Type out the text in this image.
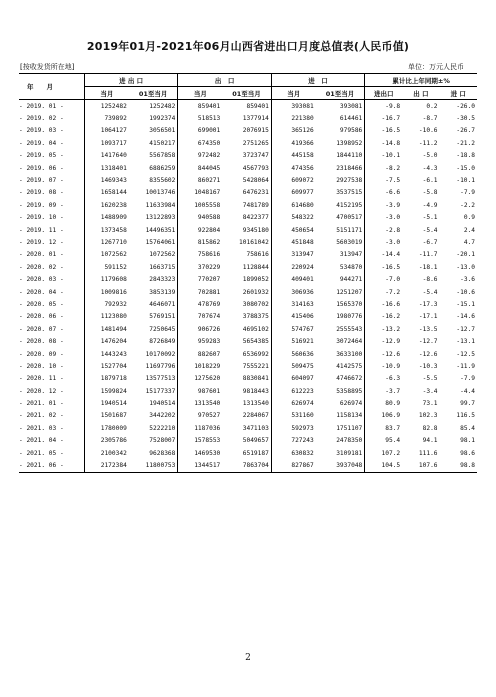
2019年01月-2021年06月山西省进出口月度总值表(人民币值)
[按收发货所在地]	单位：万元人民币
年　　月	进 出 口		出　口		进　口		累计比上年同期±%		
	当月	01至当月	当月	01至当月	当月	01至当月	进出口	出 口	进 口
- 2019. 01 -	1252482	1252482	859401	859401	393081	393081	-9.8	0.2	-26.0
- 2019. 02 -	739892	1992374	518513	1377914	221380	614461	-16.7	-8.7	-30.5
- 2019. 03 -	1064127	3056501	699001	2076915	365126	979586	-16.5	-10.6	-26.7
- 2019. 04 -	1093717	4150217	674350	2751265	419366	1398952	-14.8	-11.2	-21.2
- 2019. 05 -	1417640	5567858	972482	3723747	445158	1844110	-10.1	-5.0	-18.8
- 2019. 06 -	1318401	6886259	844045	4567793	474356	2318466	-8.2	-4.3	-15.0
- 2019. 07 -	1469343	8355602	860271	5428064	609072	2927538	-7.5	-6.1	-10.1
- 2019. 08 -	1658144	10013746	1048167	6476231	609977	3537515	-6.6	-5.8	-7.9
- 2019. 09 -	1620238	11633984	1005558	7481789	614680	4152195	-3.9	-4.9	-2.2
- 2019. 10 -	1488909	13122893	940588	8422377	548322	4700517	-3.0	-5.1	0.9
- 2019. 11 -	1373458	14496351	922804	9345180	450654	5151171	-2.8	-5.4	2.4
- 2019. 12 -	1267710	15764061	815862	10161042	451848	5603019	-3.0	-6.7	4.7
- 2020. 01 -	1072562	1072562	758616	758616	313947	313947	-14.4	-11.7	-20.1
- 2020. 02 -	591152	1663715	370229	1128844	220924	534870	-16.5	-18.1	-13.0
- 2020. 03 -	1179608	2843323	770207	1899052	409401	944271	-7.0	-8.6	-3.6
- 2020. 04 -	1009816	3853139	702881	2601932	306936	1251207	-7.2	-5.4	-10.6
- 2020. 05 -	792932	4646071	478769	3080702	314163	1565370	-16.6	-17.3	-15.1
- 2020. 06 -	1123080	5769151	707674	3788375	415406	1980776	-16.2	-17.1	-14.6
- 2020. 07 -	1481494	7250645	906726	4695102	574767	2555543	-13.2	-13.5	-12.7
- 2020. 08 -	1476204	8726849	959283	5654385	516921	3072464	-12.9	-12.7	-13.1
- 2020. 09 -	1443243	10170092	882607	6536992	560636	3633100	-12.6	-12.6	-12.5
- 2020. 10 -	1527704	11697796	1018229	7555221	509475	4142575	-10.9	-10.3	-11.9
- 2020. 11 -	1879718	13577513	1275620	8830841	604097	4746672	-6.3	-5.5	-7.9
- 2020. 12 -	1599824	15177337	987601	9818443	612223	5358895	-3.7	-3.4	-4.4
- 2021. 01 -	1940514	1940514	1313540	1313540	626974	626974	80.9	73.1	99.7
- 2021. 02 -	1501687	3442202	970527	2284067	531160	1158134	106.9	102.3	116.5
- 2021. 03 -	1780009	5222210	1187036	3471103	592973	1751107	83.7	82.8	85.4
- 2021. 04 -	2305786	7528007	1578553	5049657	727243	2478350	95.4	94.1	98.1
- 2021. 05 -	2100342	9628368	1469530	6519187	630832	3109181	107.2	111.6	98.6
- 2021. 06 -	2172384	11800753	1344517	7863704	827867	3937048	104.5	107.6	98.8
2
